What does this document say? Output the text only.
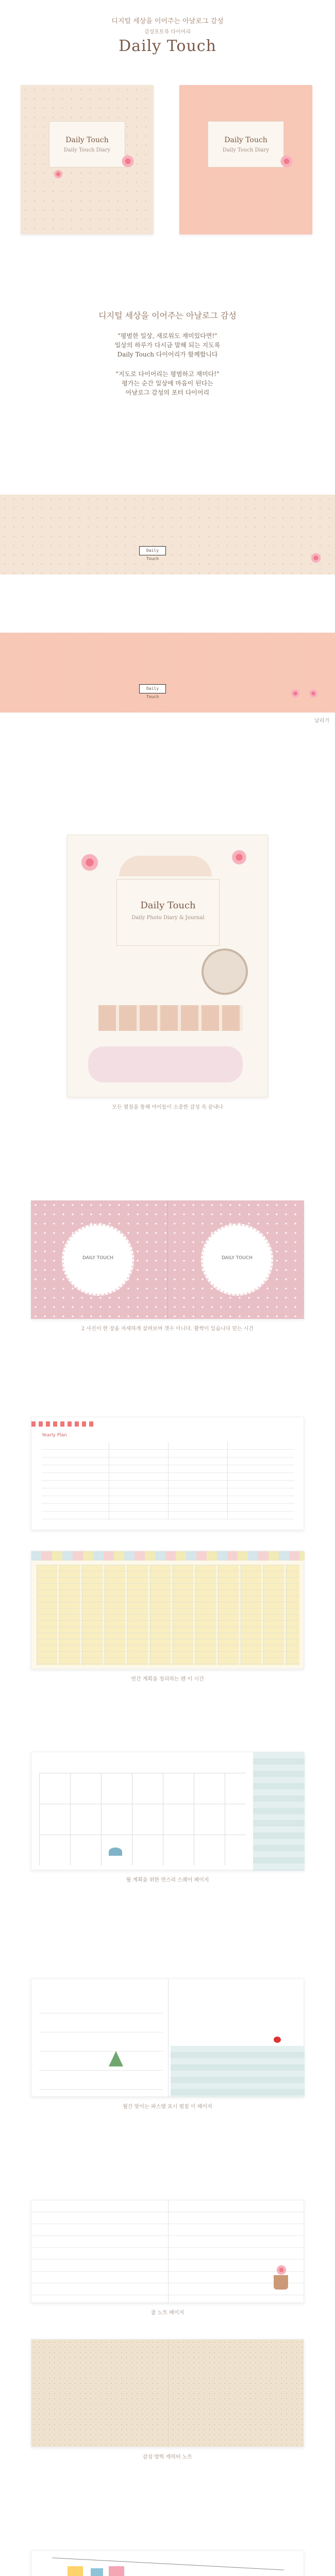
디지털 세상을 이어주는 아날로그 감성
감성포토북 다이어리
Daily Touch
Daily Touch
Daily Touch Diary
Daily Touch
Daily Touch Diary
디지털 세상을 이어주는 아날로그 감성
"평범한 일상, 새로워도 재미있다면!"
일상의 하루가 다시금 말해 되는 지도록
Daily Touch 다이어리가 함께합니다
"지도로 다이어리는 평범하고 재미다!"
평가는 순간 일상에 마음이 된다는
아날로그 감성의 포터 다이어리
Daily Touch
Daily Touch
날리기
Daily Touch
Daily Photo Diary & Journal
모든 펼침을 통해 아이들이 소중한 감성 속 끝내나
DAILY TOUCH	DAILY TOUCH
2 사진이 한 장을 자세하게 살펴보며 갯수 이니다. 활짝이 있습니다 믿는 시간
Yearly Plan
연간 계획을 정리하는 펜 이 시간
월 계획을 위한 먼스리 스퀘어 페이지
월간 맞이는 파스텔 표시 펼칠 이 페이지
줄 노트 페이지
감성 방학 캐릭터 노트
